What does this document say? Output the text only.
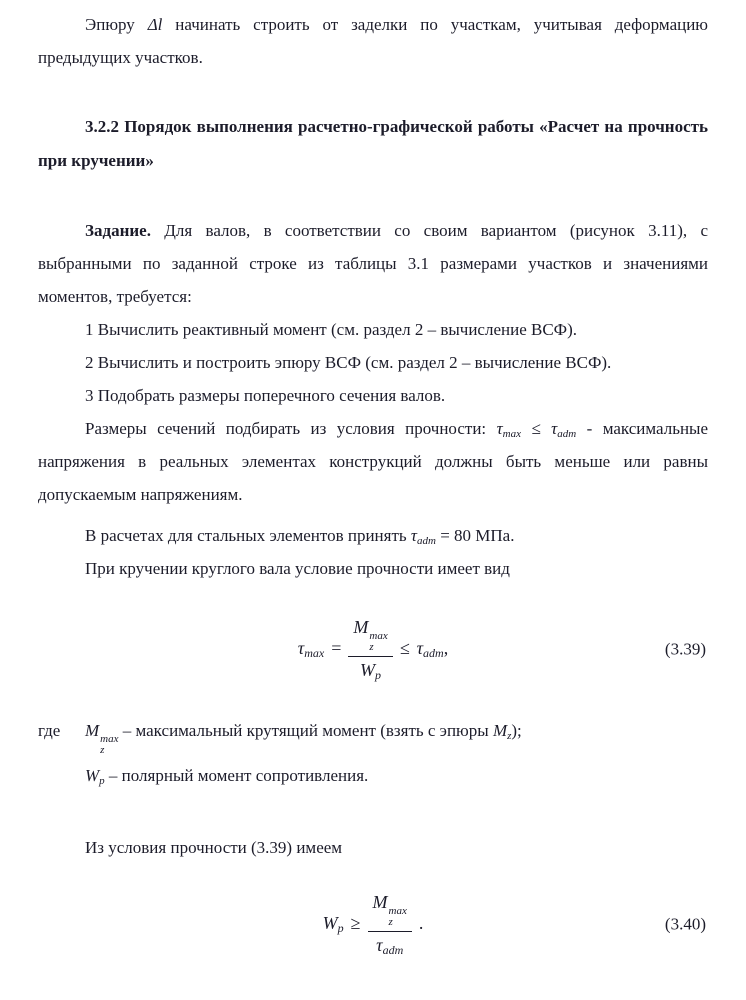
Эпюру Δl начинать строить от заделки по участкам, учитывая деформацию предыдущих участков.

3.2.2 Порядок выполнения расчетно-графической работы «Расчет на прочность при кручении»

Задание. Для валов, в соответствии со своим вариантом (рисунок 3.11), с выбранными по заданной строке из таблицы 3.1 размерами участков и значениями моментов, требуется:

1 Вычислить реактивный момент (см. раздел 2 – вычисление ВСФ).

2 Вычислить и построить эпюру ВСФ (см. раздел 2 – вычисление ВСФ).

3 Подобрать размеры поперечного сечения валов.

Размеры сечений подбирать из условия прочности: $\tau_{max} \le \tau_{adm}$ - максимальные напряжения в реальных элементах конструкций должны быть меньше или равны допускаемым напряжениям.

В расчетах для стальных элементов принять $\tau_{adm} = 80$ МПа.

При кручении круглого вала условие прочности имеет вид

$\tau_{max} = M$ max
z
$W_p \le \tau_{adm}$,	(3.39)
где M max
z
– максимальный крутящий момент (взять с эпюры $M_z$);
$W_p$ – полярный момент сопротивления.

Из условия прочности (3.39) имеем

$W_p \ge M$ max
z
$\tau_{adm}$ .	(3.40)
